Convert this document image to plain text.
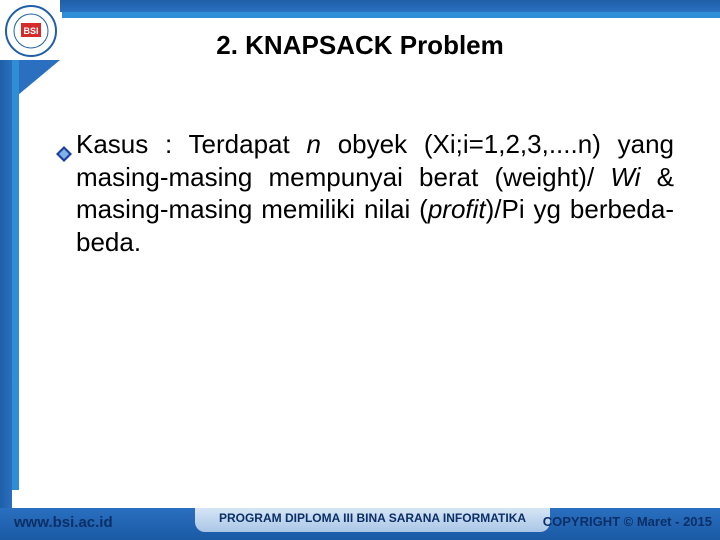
BSI	2. KNAPSACK Problem
Kasus : Terdapat n obyek (Xi;i=1,2,3,....n) yang masing-masing mempunyai berat (weight)/ Wi & masing-masing memiliki nilai (profit)/Pi yg berbeda-beda.
www.bsi.ac.id	PROGRAM DIPLOMA III BINA SARANA INFORMATIKA	COPYRIGHT © Maret - 2015
